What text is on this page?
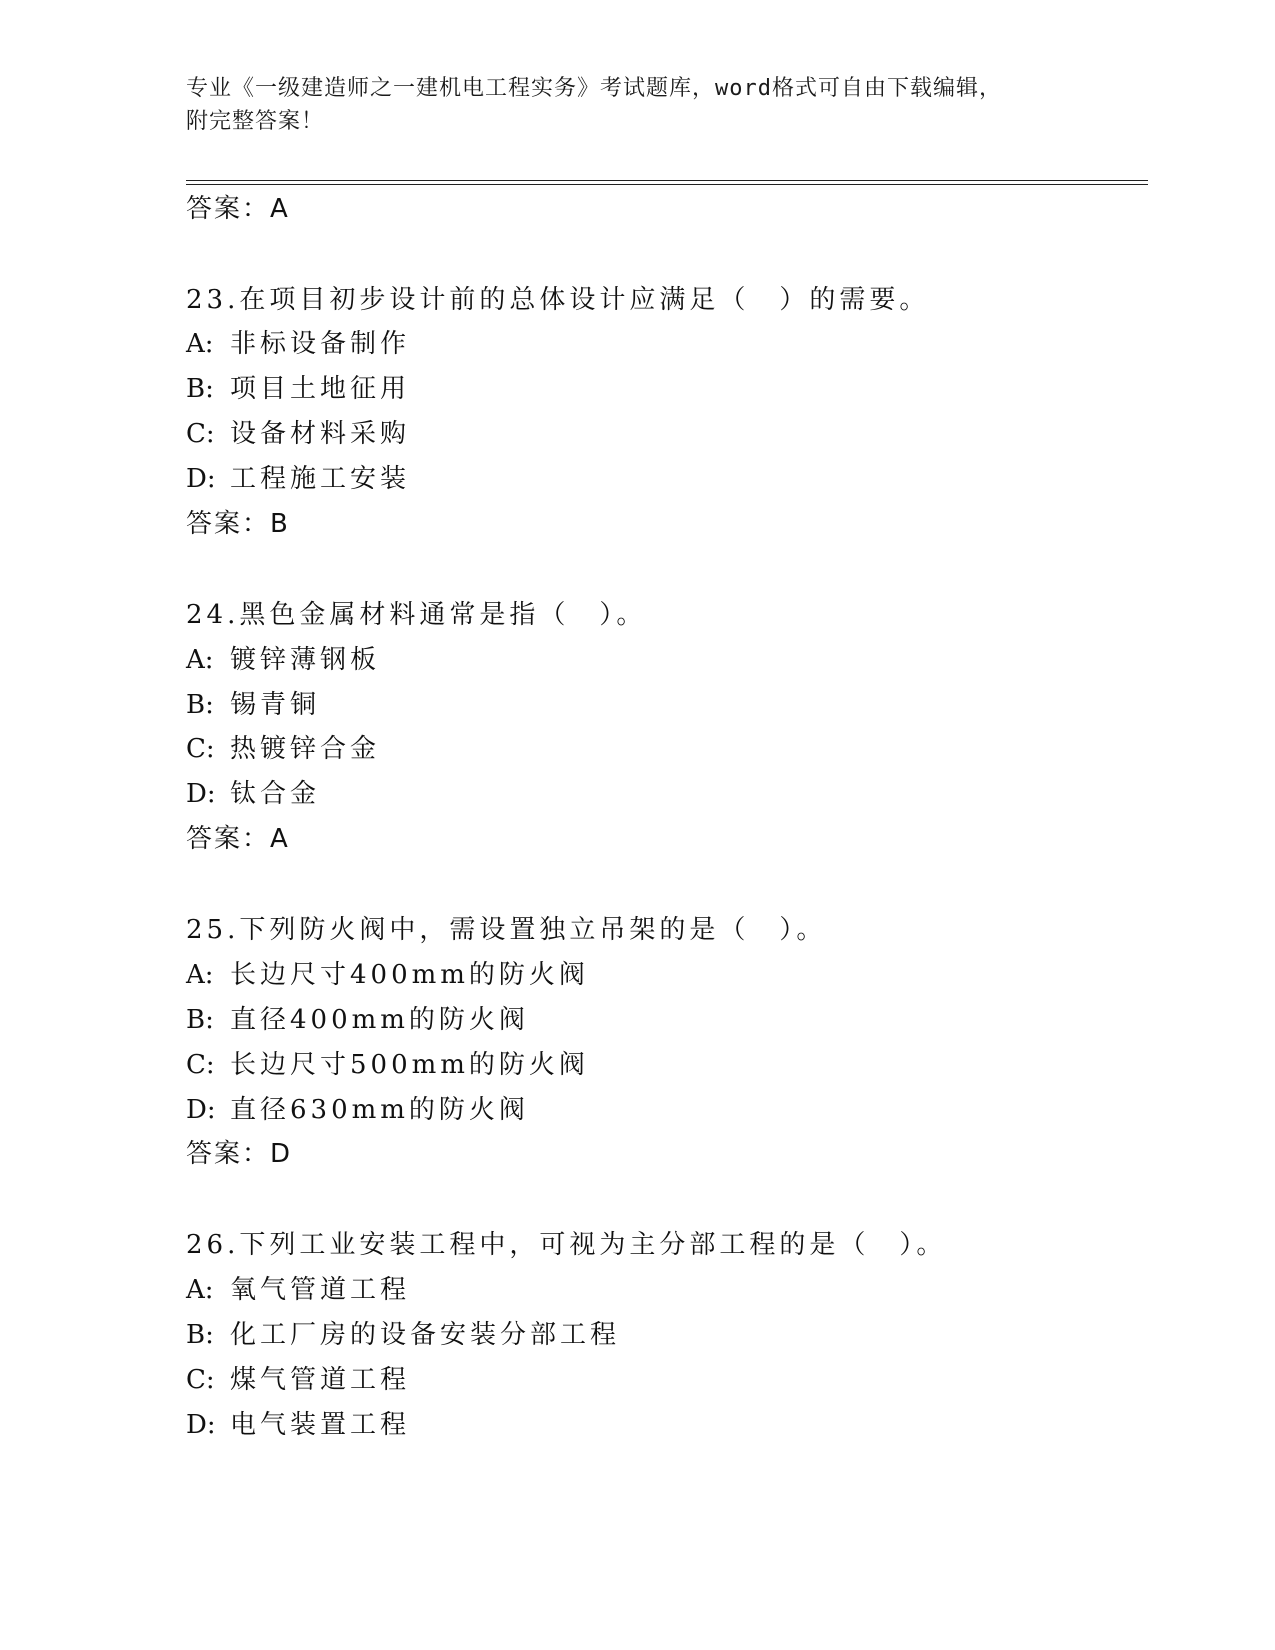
专业《一级建造师之一建机电工程实务》考试题库，word格式可自由下载编辑，
附完整答案！
答案：A
23.在项目初步设计前的总体设计应满足（　）的需要。
A: 非标设备制作
B: 项目土地征用
C: 设备材料采购
D: 工程施工安装
答案：B
24.黑色金属材料通常是指（　）。
A: 镀锌薄钢板
B: 锡青铜
C: 热镀锌合金
D: 钛合金
答案：A
25.下列防火阀中，需设置独立吊架的是（　）。
A: 长边尺寸400mm的防火阀
B: 直径400mm的防火阀
C: 长边尺寸500mm的防火阀
D: 直径630mm的防火阀
答案：D
26.下列工业安装工程中，可视为主分部工程的是（　）。
A: 氧气管道工程
B: 化工厂房的设备安装分部工程
C: 煤气管道工程
D: 电气装置工程
